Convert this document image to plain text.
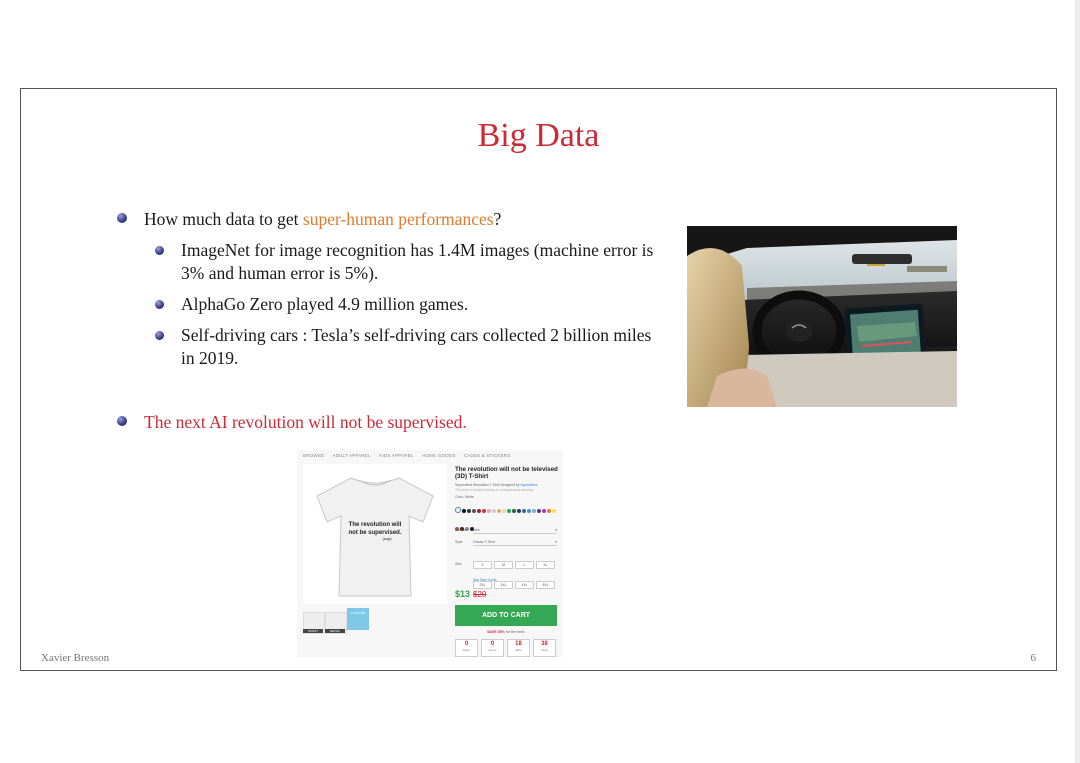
Big Data
How much data to get super-human performances?
ImageNet for image recognition has 1.4M images (machine error is 3% and human error is 5%).
AlphaGo Zero played 4.9 million games.
Self-driving cars : Tesla’s self-driving cars collected 2 billion miles in 2019.
The next AI revolution will not be supervised.
BROWSE ADULT APPAREL KIDS APPAREL HOME GOODS CASES & STICKERS
The revolution will
not be supervised.
(sup)
FRONT	DETAIL
3 FOR $36
The revolution will not be televised (3D) T-Shirt
Supervised Revolution T-Shirt Designed by Agreeables
The shirt for those training on unsupervised learning
Color: White
Gender Men	▾
Style	Classic T-Shirt	▾
Size	S	M	L	XL2XL	3XL	4XL	5XL
See Size Guide
$13 $20
ADD TO CART
SAVE 35% for the next:
0
Days
0
Hours
18
Mins
38
Secs
Xavier Bresson	6
